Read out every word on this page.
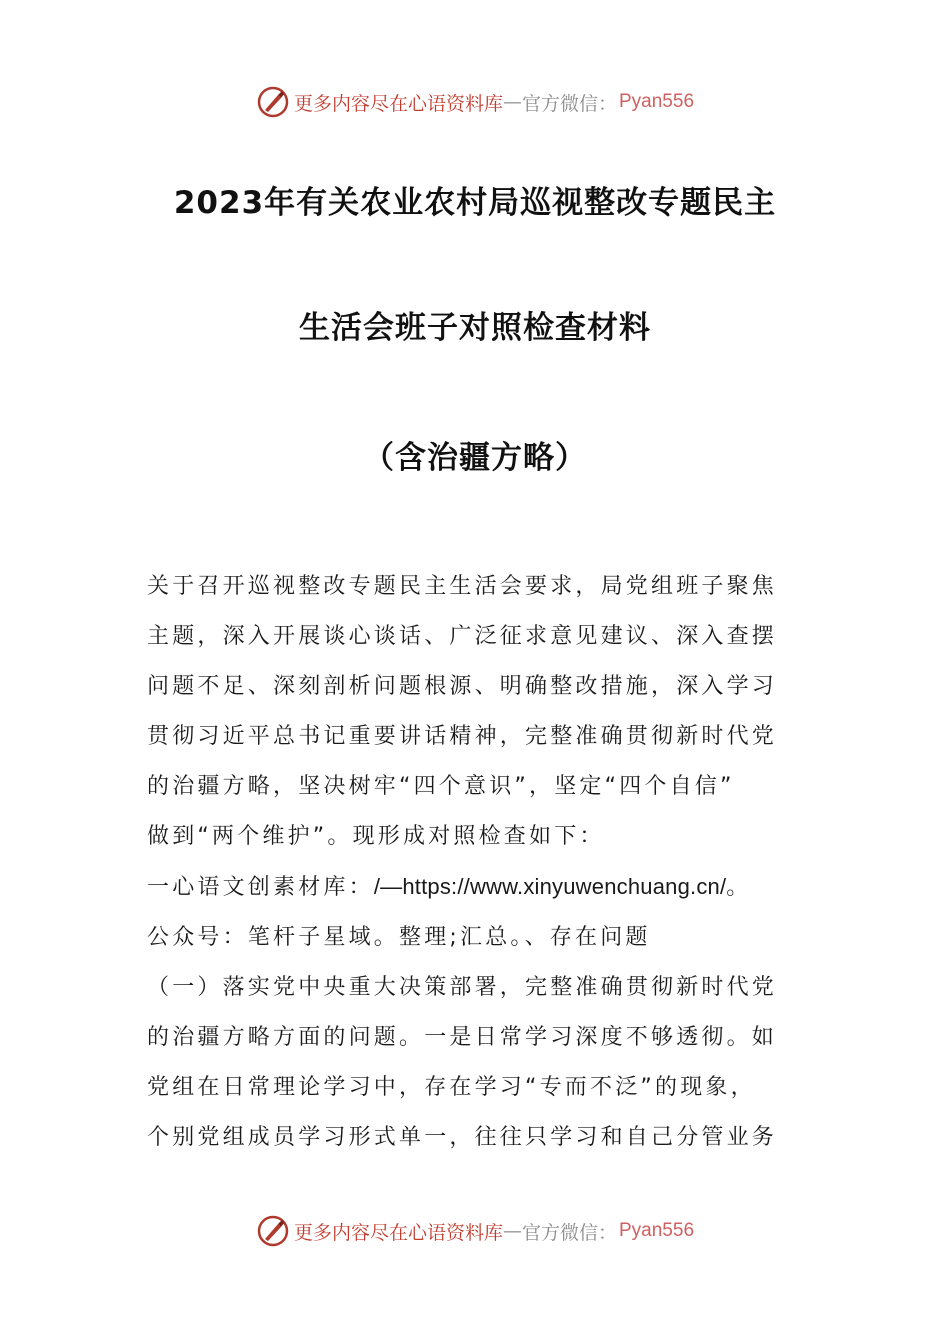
更多内容尽在心语资料库 — 官方微信： Pyan556
2023年有关农业农村局巡视整改专题民主
生活会班子对照检查材料
（含治疆方略）

关于召开巡视整改专题民主生活会要求，局党组班子聚焦

主题，深入开展谈心谈话、广泛征求意见建议、深入查摆

问题不足、深刻剖析问题根源、明确整改措施，深入学习

贯彻习近平总书记重要讲话精神，完整准确贯彻新时代党

的治疆方略，坚决树牢“四个意识”，坚定“四个自信”

做到“两个维护”。现形成对照检查如下：

一心语文创素材库：/—https://www.xinyuwenchuang.cn/。

公众号：笔杆子星域。整理;汇总。、存在问题

（一）落实党中央重大决策部署，完整准确贯彻新时代党

的治疆方略方面的问题。一是日常学习深度不够透彻。如

党组在日常理论学习中，存在学习“专而不泛”的现象，

个别党组成员学习形式单一，往往只学习和自己分管业务

更多内容尽在心语资料库 — 官方微信： Pyan556
